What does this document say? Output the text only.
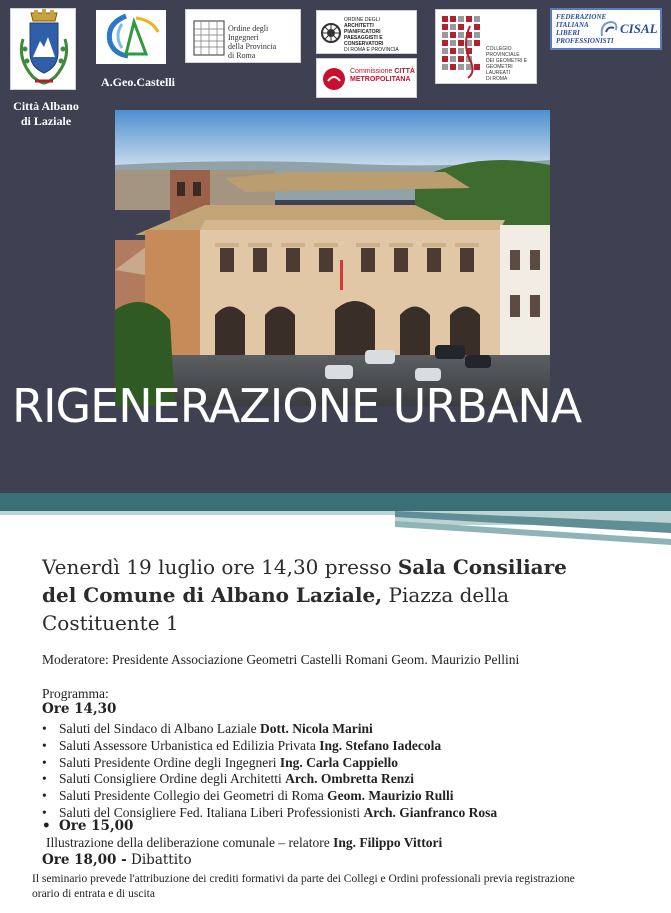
Città Albano
di Laziale
A.Geo.Castelli
Ordine degli Ingegneri
della Provincia
di Roma
ORDINE DEGLI
ARCHITETTI
PIANIFICATORI
PAESAGGISTI E CONSERVATORI
DI ROMA E PROVINCIA
Commissione CITTÀ
METROPOLITANA
COLLEGIO
PROVINCIALE
DEI GEOMETRI E
GEOMETRI LAUREATI
DI ROMA
FEDERAZIONE
ITALIANA
LIBERI
PROFESSIONISTI
CISAL
RIGENERAZIONE URBANA
Venerdì 19 luglio ore 14,30 presso Sala Consiliare del Comune di Albano Laziale, Piazza della Costituente 1
Moderatore: Presidente Associazione Geometri Castelli Romani Geom. Maurizio Pellini
Programma:
Ore 14,30
• Saluti del Sindaco di Albano Laziale Dott. Nicola Marini
• Saluti Assessore Urbanistica ed Edilizia Privata Ing. Stefano Iadecola
• Saluti Presidente Ordine degli Ingegneri Ing. Carla Cappiello
• Saluti Consigliere Ordine degli Architetti Arch. Ombretta Renzi
• Saluti Presidente Collegio dei Geometri di Roma Geom. Maurizio Rulli
• Saluti del Consigliere Fed. Italiana Liberi Professionisti Arch. Gianfranco Rosa
• Ore 15,00
Illustrazione della deliberazione comunale – relatore Ing. Filippo Vittori
Ore 18,00 - Dibattito
Il seminario prevede l'attribuzione dei crediti formativi da parte dei Collegi e Ordini professionali previa registrazione
orario di entrata e di uscita
